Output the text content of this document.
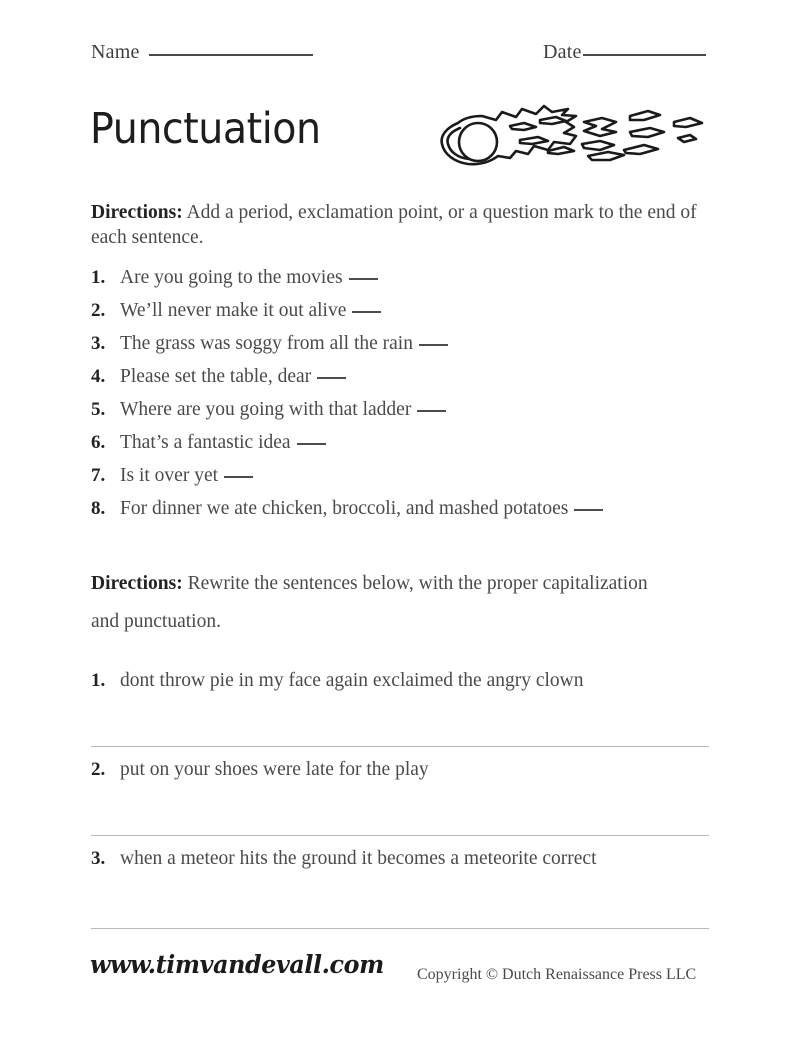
Name	Date
Punctuation
Directions: Add a period, exclamation point, or a question mark to the end of each sentence.
1. Are you going to the movies
2. We’ll never make it out alive
3. The grass was soggy from all the rain
4. Please set the table, dear
5. Where are you going with that ladder
6. That’s a fantastic idea
7. Is it over yet
8. For dinner we ate chicken, broccoli, and mashed potatoes
Directions: Rewrite the sentences below, with the proper capitalization and punctuation.
1. dont throw pie in my face again exclaimed the angry clown
2. put on your shoes were late for the play
3. when a meteor hits the ground it becomes a meteorite correct
www.timvandevall.com Copyright © Dutch Renaissance Press LLC
